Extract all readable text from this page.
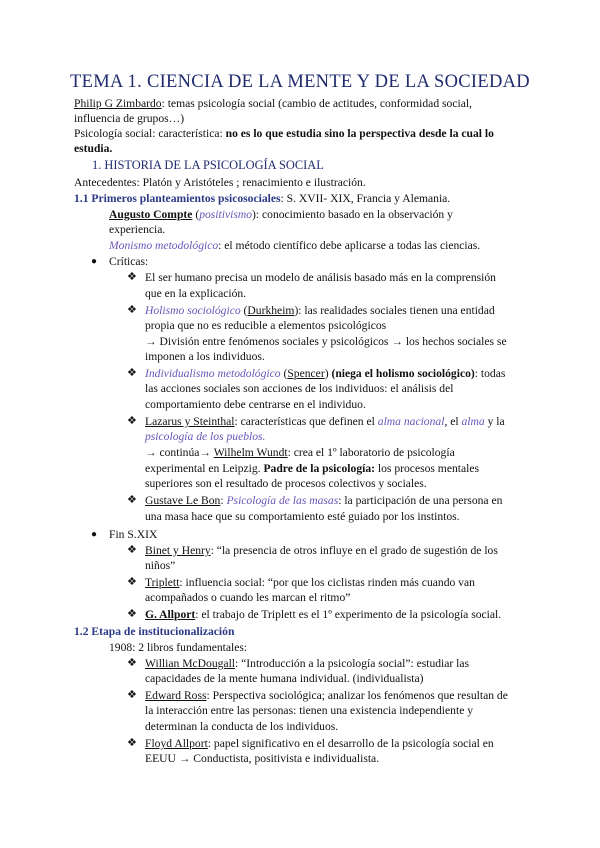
TEMA 1. CIENCIA DE LA MENTE Y DE LA SOCIEDAD
Philip G Zimbardo: temas psicología social (cambio de actitudes, conformidad social,
influencia de grupos…)
Psicología social: característica: no es lo que estudia sino la perspectiva desde la cual lo
estudia.
1. HISTORIA DE LA PSICOLOGÍA SOCIAL
Antecedentes: Platón y Aristóteles ; renacimiento e ilustración.
1.1 Primeros planteamientos psicosociales: S. XVII- XIX, Francia y Alemania.
Augusto Compte (positivismo): conocimiento basado en la observación y
experiencia.
Monismo metodológico: el método científico debe aplicarse a todas las ciencias.
● Críticas:
❖ El ser humano precisa un modelo de análisis basado más en la comprensión
que en la explicación.
❖ Holismo sociológico (Durkheim): las realidades sociales tienen una entidad
propia que no es reducible a elementos psicológicos
→ División entre fenómenos sociales y psicológicos → los hechos sociales se
imponen a los individuos.
❖ Individualismo metodológico (Spencer) (niega el holismo sociológico): todas
las acciones sociales son acciones de los individuos: el análisis del
comportamiento debe centrarse en el individuo.
❖ Lazarus y Steinthal: características que definen el alma nacional, el alma y la
psicología de los pueblos.
→ continúa→ Wilhelm Wundt: crea el 1º laboratorio de psicología
experimental en Leipzig. Padre de la psicología: los procesos mentales
superiores son el resultado de procesos colectivos y sociales.
❖ Gustave Le Bon: Psicología de las masas: la participación de una persona en
una masa hace que su comportamiento esté guiado por los instintos.
● Fin S.XIX
❖ Binet y Henry: “la presencia de otros influye en el grado de sugestión de los
niños”
❖ Triplett: influencia social: “por que los ciclistas rinden más cuando van
acompañados o cuando les marcan el ritmo”
❖ G. Allport: el trabajo de Triplett es el 1º experimento de la psicología social.
1.2 Etapa de institucionalización
1908: 2 libros fundamentales:
❖ Willian McDougall: “Introducción a la psicología social”: estudiar las
capacidades de la mente humana individual. (individualista)
❖ Edward Ross: Perspectiva sociológica; analizar los fenómenos que resultan de
la interacción entre las personas: tienen una existencia independiente y
determinan la conducta de los individuos.
❖ Floyd Allport: papel significativo en el desarrollo de la psicología social en
EEUU → Conductista, positivista e individualista.
